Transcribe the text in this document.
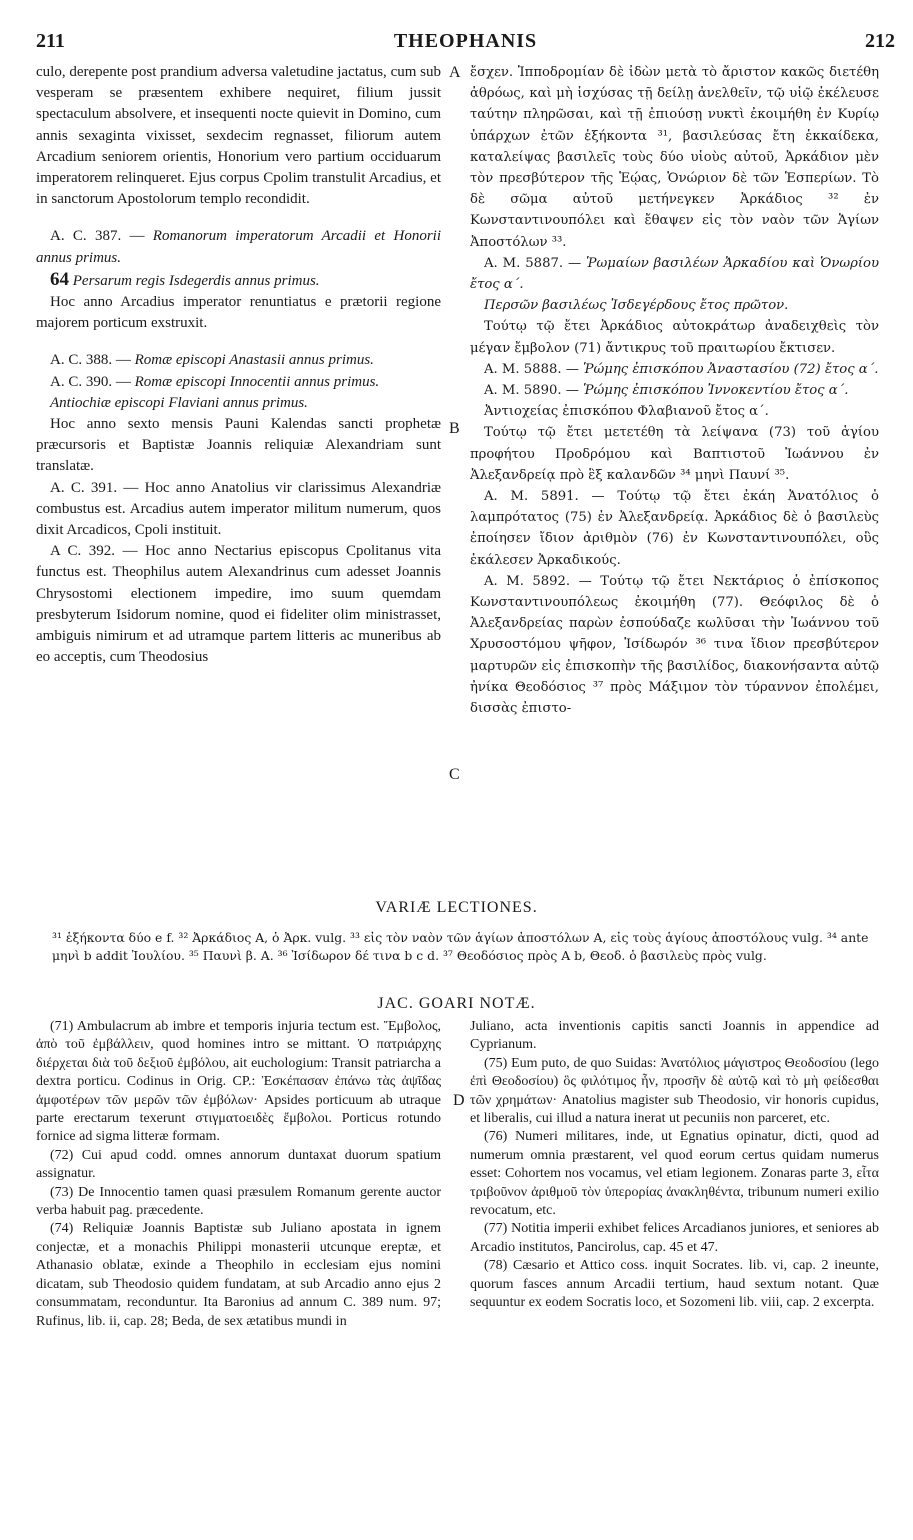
211	THEOPHANIS	212

culo, derepente post prandium adversa valetudine jactatus, cum sub vesperam se præsentem exhibere nequiret, filium jussit spectaculum absolvere, et insequenti nocte quievit in Domino, cum annis sexaginta vixisset, sexdecim regnasset, filiorum autem Arcadium seniorem orientis, Honorium vero partium occiduarum imperatorem relinqueret. Ejus corpus Cpolim transtulit Arcadius, et in sanctorum Apostolorum templo recondidit.

A. C. 387. — Romanorum imperatorum Arcadii et Honorii annus primus.

64 Persarum regis Isdegerdis annus primus.

Hoc anno Arcadius imperator renuntiatus e prætorii regione majorem porticum exstruxit.

A. C. 388. — Romæ episcopi Anastasii annus primus.

A. C. 390. — Romæ episcopi Innocentii annus primus.

Antiochiæ episcopi Flaviani annus primus.

Hoc anno sexto mensis Pauni Kalendas sancti prophetæ præcursoris et Baptistæ Joannis reliquiæ Alexandriam sunt translatæ.

A. C. 391. — Hoc anno Anatolius vir clarissimus Alexandriæ combustus est. Arcadius autem imperator militum numerum, quos dixit Arcadicos, Cpoli instituit.

A C. 392. — Hoc anno Nectarius episcopus Cpolitanus vita functus est. Theophilus autem Alexandrinus cum adesset Joannis Chrysostomi electionem impedire, imo suum quemdam presbyterum Isidorum nomine, quod ei fideliter olim ministrasset, ambiguis nimirum et ad utramque partem litteris ac muneribus ab eo acceptis, cum Theodosius

ἔσχεν. Ἱπποδρομίαν δὲ ἰδὼν μετὰ τὸ ἄριστον κακῶς διετέθη ἀθρόως, καὶ μὴ ἰσχύσας τῇ δείλῃ ἀνελθεῖν, τῷ υἱῷ ἐκέλευσε ταύτην πληρῶσαι, καὶ τῇ ἐπιούσῃ νυκτὶ ἐκοιμήθη ἐν Κυρίῳ ὑπάρχων ἐτῶν ἑξήκοντα ³¹, βασιλεύσας ἔτη ἑκκαίδεκα, καταλείψας βασιλεῖς τοὺς δύο υἱοὺς αὐτοῦ, Ἀρκάδιον μὲν τὸν πρεσβύτερον τῆς Ἑῴας, Ὁνώριον δὲ τῶν Ἑσπερίων. Τὸ δὲ σῶμα αὐτοῦ μετήνεγκεν Ἀρκάδιος ³² ἐν Κωνσταντινουπόλει καὶ ἔθαψεν εἰς τὸν ναὸν τῶν Ἁγίων Ἀποστόλων ³³.

A. M. 5887. — Ῥωμαίων βασιλέων Ἀρκαδίου καὶ Ὁνωρίου ἔτος α΄.

Περσῶν βασιλέως Ἰσδεγέρδους ἔτος πρῶτον.

Τούτῳ τῷ ἔτει Ἀρκάδιος αὐτοκράτωρ ἀναδειχθεὶς τὸν μέγαν ἔμβολον (71) ἄντικρυς τοῦ πραιτωρίου ἔκτισεν.

A. M. 5888. — Ῥώμης ἐπισκόπου Ἀναστασίου (72) ἔτος α΄.

A. M. 5890. — Ῥώμης ἐπισκόπου Ἰννοκεντίου ἔτος α΄.

Ἀντιοχείας ἐπισκόπου Φλαβιανοῦ ἔτος α΄.

Τούτῳ τῷ ἔτει μετετέθη τὰ λείψανα (73) τοῦ ἁγίου προφήτου Προδρόμου καὶ Βαπτιστοῦ Ἰωάννου ἐν Ἀλεξανδρείᾳ πρὸ ἓξ καλανδῶν ³⁴ μηνὶ Παυνί ³⁵.

A. M. 5891. — Τούτῳ τῷ ἔτει ἐκάη Ἀνατόλιος ὁ λαμπρότατος (75) ἐν Ἀλεξανδρείᾳ. Ἀρκάδιος δὲ ὁ βασιλεὺς ἐποίησεν ἴδιον ἀριθμὸν (76) ἐν Κωνσταντινουπόλει, οὓς ἐκάλεσεν Ἀρκαδικούς.

A. M. 5892. — Τούτῳ τῷ ἔτει Νεκτάριος ὁ ἐπίσκοπος Κωνσταντινουπόλεως ἐκοιμήθη (77). Θεόφιλος δὲ ὁ Ἀλεξανδρείας παρὼν ἐσπούδαζε κωλῦσαι τὴν Ἰωάννου τοῦ Χρυσοστόμου ψῆφον, Ἰσίδωρόν ³⁶ τινα ἴδιον πρεσβύτερον μαρτυρῶν εἰς ἐπισκοπὴν τῆς βασιλίδος, διακονήσαντα αὐτῷ ἠνίκα Θεοδόσιος ³⁷ πρὸς Μάξιμον τὸν τύραννον ἐπολέμει, δισσὰς ἐπιστο-

A
B
C
D
VARIÆ LECTIONES.
³¹ ἑξήκοντα δύο e f. ³² Ἀρκάδιος A, ὁ Ἀρκ. vulg. ³³ εἰς τὸν ναὸν τῶν ἁγίων ἀποστόλων A, εἰς τοὺς ἁγίους ἀποστόλους vulg. ³⁴ ante μηνὶ b addit Ἰουλίου. ³⁵ Παυνὶ β. A. ³⁶ Ἰσίδωρον δέ τινα b c d. ³⁷ Θεοδόσιος πρὸς A b, Θεοδ. ὁ βασιλεὺς πρὸς vulg.
JAC. GOARI NOTÆ.

(71) Ambulacrum ab imbre et temporis injuria tectum est. Ἔμβολος, ἀπὸ τοῦ ἐμβάλλειν, quod homines intro se mittant. Ὁ πατριάρχης διέρχεται διὰ τοῦ δεξιοῦ ἐμβόλου, ait euchologium: Transit patriarcha a dextra porticu. Codinus in Orig. CP.: Ἐσκέπασαν ἐπάνω τὰς ἀψῖδας ἀμφοτέρων τῶν μερῶν τῶν ἐμβόλων· Apsides porticuum ab utraque parte erectarum texerunt στιγματοειδὲς ἔμβολοι. Porticus rotundo fornice ad sigma litteræ formam.

(72) Cui apud codd. omnes annorum duntaxat duorum spatium assignatur.

(73) De Innocentio tamen quasi præsulem Romanum gerente auctor verba habuit pag. præcedente.

(74) Reliquiæ Joannis Baptistæ sub Juliano apostata in ignem conjectæ, et a monachis Philippi monasterii utcunque ereptæ, et Athanasio oblatæ, exinde a Theophilo in ecclesiam ejus nomini dicatam, sub Theodosio quidem fundatam, at sub Arcadio anno ejus 2 consummatam, reconduntur. Ita Baronius ad annum C. 389 num. 97; Rufinus, lib. ii, cap. 28; Beda, de sex ætatibus mundi in

Juliano, acta inventionis capitis sancti Joannis in appendice ad Cyprianum.

(75) Eum puto, de quo Suidas: Ἀνατόλιος μάγιστρος Θεοδοσίου (lego ἐπὶ Θεοδοσίου) ὃς φιλότιμος ἦν, προσῆν δὲ αὐτῷ καὶ τὸ μὴ φείδεσθαι τῶν χρημάτων· Anatolius magister sub Theodosio, vir honoris cupidus, et liberalis, cui illud a natura inerat ut pecuniis non parceret, etc.

(76) Numeri militares, inde, ut Egnatius opinatur, dicti, quod ad numerum omnia præstarent, vel quod eorum certus quidam numerus esset: Cohortem nos vocamus, vel etiam legionem. Zonaras parte 3, εἶτα τριβοῦνον ἀριθμοῦ τὸν ὑπερορίας ἀνακληθέντα, tribunum numeri exilio revocatum, etc.

(77) Notitia imperii exhibet felices Arcadianos juniores, et seniores ab Arcadio institutos, Pancirolus, cap. 45 et 47.

(78) Cæsario et Attico coss. inquit Socrates. lib. vi, cap. 2 ineunte, quorum fasces annum Arcadii tertium, haud sextum notant. Quæ sequuntur ex eodem Socratis loco, et Sozomeni lib. viii, cap. 2 excerpta.
